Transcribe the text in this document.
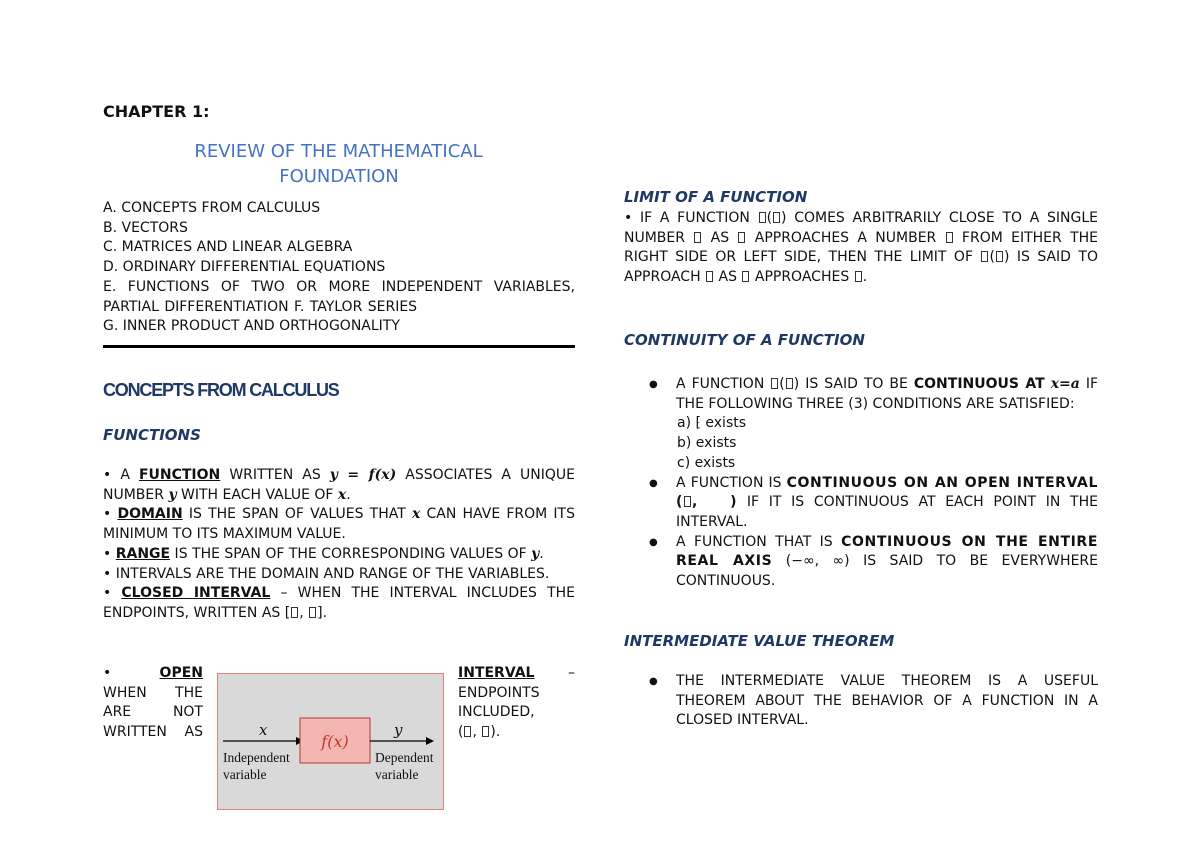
CHAPTER 1:
REVIEW OF THE MATHEMATICAL
FOUNDATION
A. CONCEPTS FROM CALCULUS
B. VECTORS
C. MATRICES AND LINEAR ALGEBRA
D. ORDINARY DIFFERENTIAL EQUATIONS
E. FUNCTIONS OF TWO OR MORE INDEPENDENT VARIABLES, PARTIAL DIFFERENTIATION F. TAYLOR SERIES
G. INNER PRODUCT AND ORTHOGONALITY
CONCEPTS FROM CALCULUS
FUNCTIONS
• A FUNCTION WRITTEN AS y = f(x) ASSOCIATES A UNIQUE NUMBER y WITH EACH VALUE OF x.
• DOMAIN IS THE SPAN OF VALUES THAT x CAN HAVE FROM ITS MINIMUM TO ITS MAXIMUM VALUE.
• RANGE IS THE SPAN OF THE CORRESPONDING VALUES OF y.
• INTERVALS ARE THE DOMAIN AND RANGE OF THE VARIABLES.
• CLOSED INTERVAL – WHEN THE INTERVAL INCLUDES THE ENDPOINTS, WRITTEN AS [ , ].
•	OPEN
WHEN THE
ARE NOT
WRITTEN AS
INTERVAL –
ENDPOINTS
INCLUDED,
( , ).
x	y
f(x)
Independent
variable
Dependent
variable
LIMIT OF A FUNCTION
• IF A FUNCTION ( ) COMES ARBITRARILY CLOSE TO A SINGLE NUMBER  AS  APPROACHES A NUMBER  FROM EITHER THE RIGHT SIDE OR LEFT SIDE, THEN THE LIMIT OF ( ) IS SAID TO APPROACH  AS  APPROACHES .
CONTINUITY OF A FUNCTION
● A FUNCTION ( ) IS SAID TO BE CONTINUOUS AT x=a IF THE FOLLOWING THREE (3) CONDITIONS ARE SATISFIED:
a) ⁅ exists
b) exists
c) exists
● A FUNCTION IS CONTINUOUS ON AN OPEN INTERVAL ( , ) IF IT IS CONTINUOUS AT EACH POINT IN THE INTERVAL.
● A FUNCTION THAT IS CONTINUOUS ON THE ENTIRE REAL AXIS (−∞, ∞) IS SAID TO BE EVERYWHERE CONTINUOUS.
INTERMEDIATE VALUE THEOREM
● THE INTERMEDIATE VALUE THEOREM IS A USEFUL THEOREM ABOUT THE BEHAVIOR OF A FUNCTION IN A CLOSED INTERVAL.
